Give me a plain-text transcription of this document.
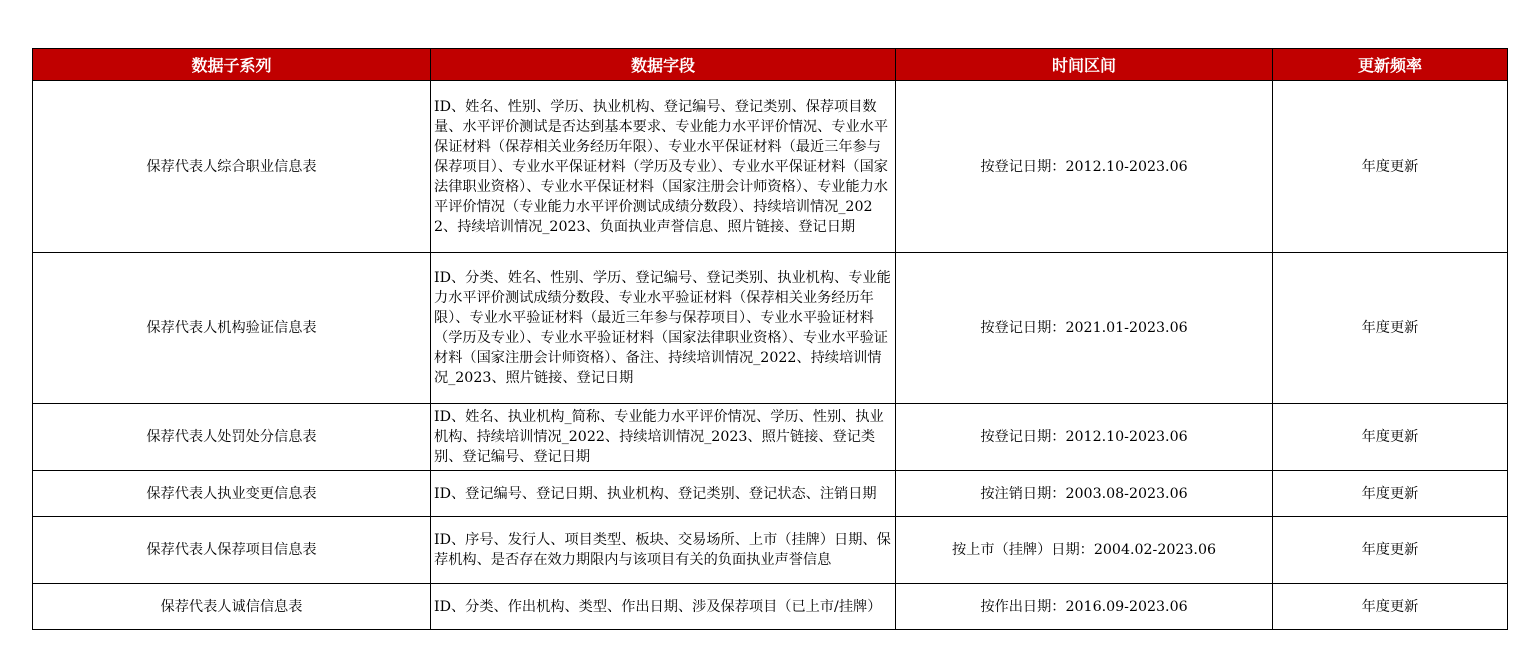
数据子系列	数据字段	时间区间	更新频率
保荐代表人综合职业信息表	ID、姓名、性别、学历、执业机构、登记编号、登记类别、保荐项目数量、水平评价测试是否达到基本要求、专业能力水平评价情况、专业水平保证材料（保荐相关业务经历年限）、专业水平保证材料（最近三年参与保荐项目）、专业水平保证材料（学历及专业）、专业水平保证材料（国家法律职业资格）、专业水平保证材料（国家注册会计师资格）、专业能力水平评价情况（专业能力水平评价测试成绩分数段）、持续培训情况_2022、持续培训情况_2023、负面执业声誉信息、照片链接、登记日期	按登记日期：2012.10-2023.06	年度更新
保荐代表人机构验证信息表	ID、分类、姓名、性别、学历、登记编号、登记类别、执业机构、专业能力水平评价测试成绩分数段、专业水平验证材料（保荐相关业务经历年限）、专业水平验证材料（最近三年参与保荐项目）、专业水平验证材料（学历及专业）、专业水平验证材料（国家法律职业资格）、专业水平验证材料（国家注册会计师资格）、备注、持续培训情况_2022、持续培训情况_2023、照片链接、登记日期	按登记日期：2021.01-2023.06	年度更新
保荐代表人处罚处分信息表	ID、姓名、执业机构_简称、专业能力水平评价情况、学历、性别、执业机构、持续培训情况_2022、持续培训情况_2023、照片链接、登记类别、登记编号、登记日期	按登记日期：2012.10-2023.06	年度更新
保荐代表人执业变更信息表	ID、登记编号、登记日期、执业机构、登记类别、登记状态、注销日期	按注销日期：2003.08-2023.06	年度更新
保荐代表人保荐项目信息表	ID、序号、发行人、项目类型、板块、交易场所、上市（挂牌）日期、保荐机构、是否存在效力期限内与该项目有关的负面执业声誉信息	按上市（挂牌）日期：2004.02-2023.06	年度更新
保荐代表人诚信信息表	ID、分类、作出机构、类型、作出日期、涉及保荐项目（已上市/挂牌）	按作出日期：2016.09-2023.06	年度更新
